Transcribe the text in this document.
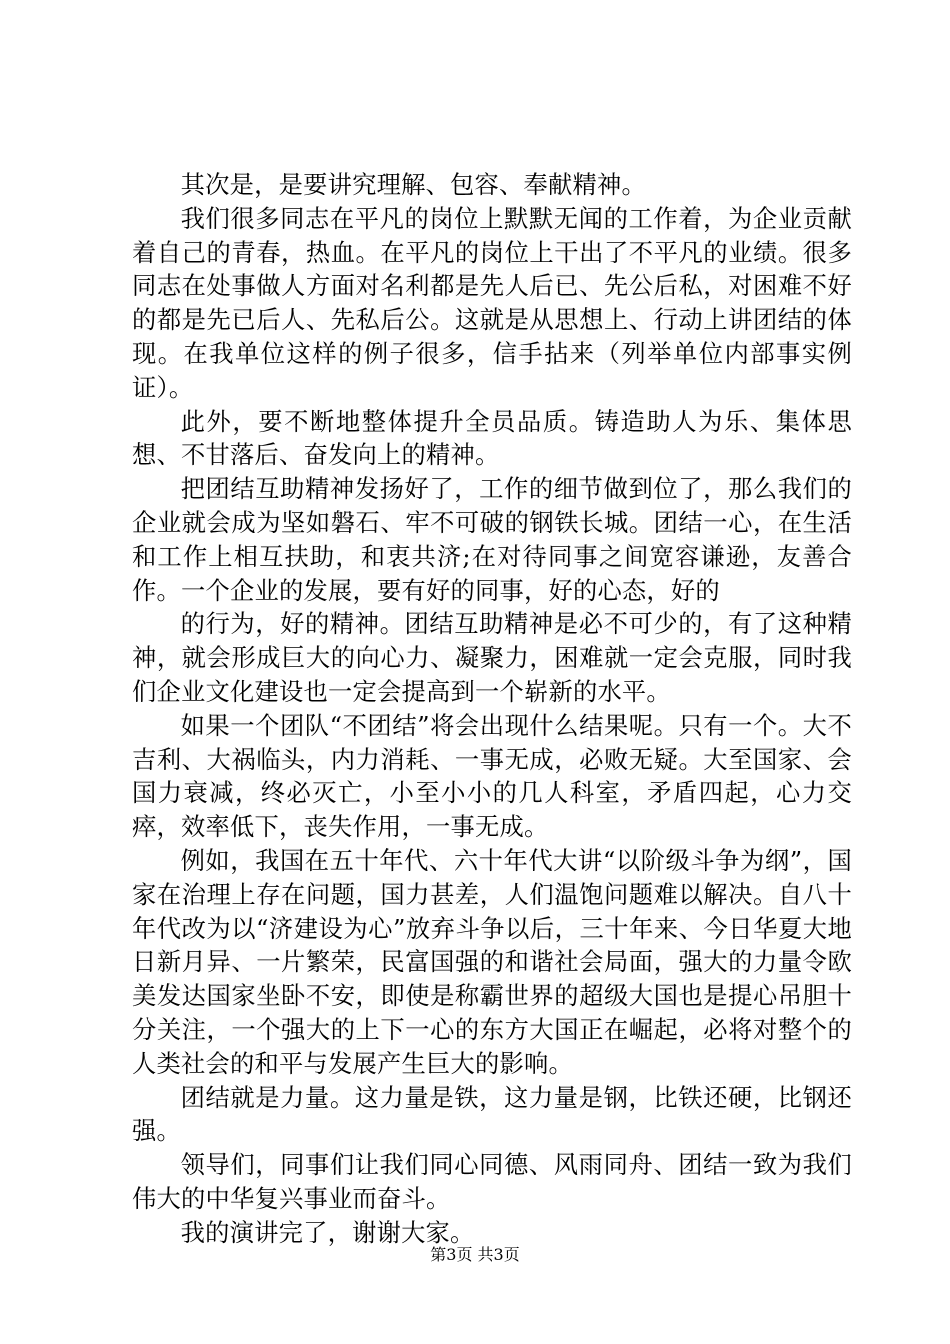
其次是，是要讲究理解、包容、奉献精神。

我们很多同志在平凡的岗位上默默无闻的工作着，为企业贡献着自己的青春，热血。在平凡的岗位上干出了不平凡的业绩。很多同志在处事做人方面对名利都是先人后已、先公后私，对困难不好的都是先已后人、先私后公。这就是从思想上、行动上讲团结的体现。在我单位这样的例子很多，信手拈来（列举单位内部事实例证）。

此外，要不断地整体提升全员品质。铸造助人为乐、集体思想、不甘落后、奋发向上的精神。

把团结互助精神发扬好了，工作的细节做到位了，那么我们的企业就会成为坚如磐石、牢不可破的钢铁长城。团结一心，在生活和工作上相互扶助，和衷共济;在对待同事之间宽容谦逊，友善合作。一个企业的发展，要有好的同事，好的心态，好的

的行为，好的精神。团结互助精神是必不可少的，有了这种精神，就会形成巨大的向心力、凝聚力，困难就一定会克服，同时我们企业文化建设也一定会提高到一个崭新的水平。

如果一个团队“不团结”将会出现什么结果呢。只有一个。大不吉利、大祸临头，内力消耗、一事无成，必败无疑。大至国家、会国力衰减，终必灭亡，小至小小的几人科室，矛盾四起，心力交瘁，效率低下，丧失作用，一事无成。

例如，我国在五十年代、六十年代大讲“以阶级斗争为纲”，国家在治理上存在问题，国力甚差，人们温饱问题难以解决。自八十年代改为以“济建设为心”放弃斗争以后，三十年来、今日华夏大地日新月异、一片繁荣，民富国强的和谐社会局面，强大的力量令欧美发达国家坐卧不安，即使是称霸世界的超级大国也是提心吊胆十分关注，一个强大的上下一心的东方大国正在崛起，必将对整个的人类社会的和平与发展产生巨大的影响。

团结就是力量。这力量是铁，这力量是钢，比铁还硬，比钢还强。

领导们，同事们让我们同心同德、风雨同舟、团结一致为我们伟大的中华复兴事业而奋斗。

我的演讲完了，谢谢大家。

第3页 共3页
